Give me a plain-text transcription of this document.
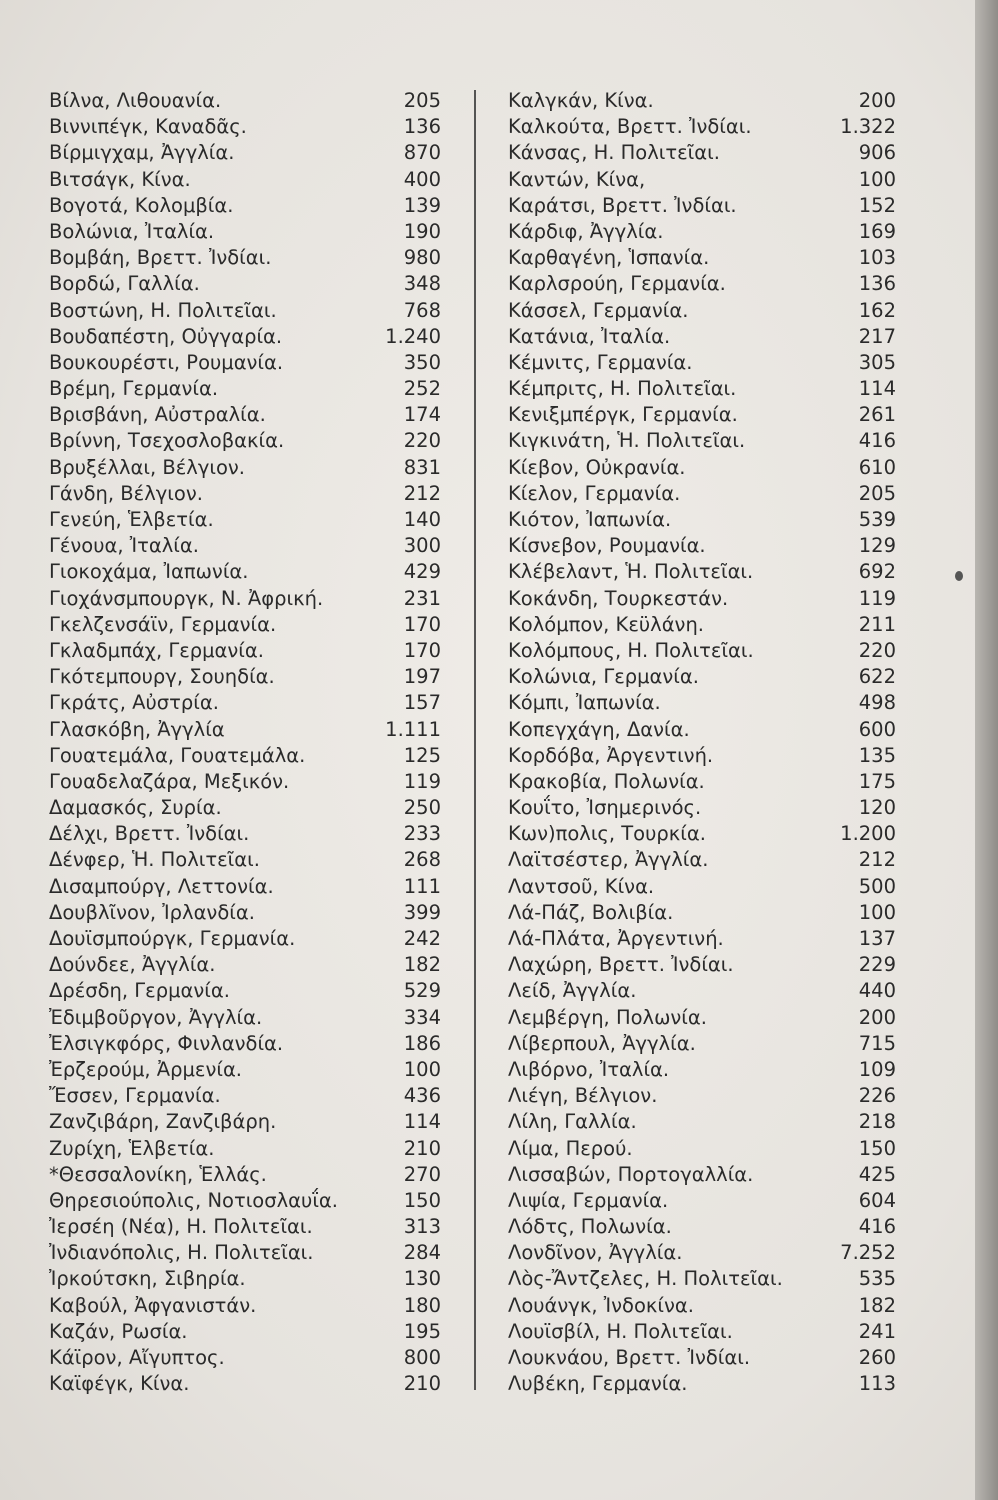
Βίλνα, Λιθουανία.	205
Βιννιπέγκ, Καναδᾶς.	136
Βίρμιγχαμ, Ἀγγλία.	870
Βιτσάγκ, Κίνα.	400
Βογοτά, Κολομβία.	139
Βολώνια, Ἰταλία.	190
Βομβάη, Βρεττ. Ἰνδίαι.	980
Βορδώ, Γαλλία.	348
Βοστώνη, Η. Πολιτεῖαι.	768
Βουδαπέστη, Οὐγγαρία.	1.240
Βουκουρέστι, Ρουμανία.	350
Βρέμη, Γερμανία.	252
Βρισβάνη, Αὐστραλία.	174
Βρίννη, Τσεχοσλοβακία.	220
Βρυξέλλαι, Βέλγιον.	831
Γάνδη, Βέλγιον.	212
Γενεύη, Ἑλβετία.	140
Γένουα, Ἰταλία.	300
Γιοκοχάμα, Ἰαπωνία.	429
Γιοχάνσμπουργκ, Ν. Ἀφρική.	231
Γκελζενσάϊν, Γερμανία.	170
Γκλαδμπάχ, Γερμανία.	170
Γκότεμπουργ, Σουηδία.	197
Γκράτς, Αὐστρία.	157
Γλασκόβη, Ἀγγλία	1.111
Γουατεμάλα, Γουατεμάλα.	125
Γουαδελαζάρα, Μεξικόν.	119
Δαμασκός, Συρία.	250
Δέλχι, Βρεττ. Ἰνδίαι.	233
Δένφερ, Ἡ. Πολιτεῖαι.	268
Δισαμπούργ, Λεττονία.	111
Δουβλῖνον, Ἰρλανδία.	399
Δουϊσμπούργκ, Γερμανία.	242
Δούνδεε, Ἀγγλία.	182
Δρέσδη, Γερμανία.	529
Ἐδιμβοῦργον, Ἀγγλία.	334
Ἐλσιγκφόρς, Φινλανδία.	186
Ἐρζερούμ, Ἀρμενία.	100
Ἔσσεν, Γερμανία.	436
Ζανζιβάρη, Ζανζιβάρη.	114
Ζυρίχη, Ἑλβετία.	210
*Θεσσαλονίκη, Ἑλλάς.	270
Θηρεσιούπολις, Νοτιοσλαυΐα.	150
Ἰερσέη (Νέα), Η. Πολιτεῖαι.	313
Ἰνδιανόπολις, Η. Πολιτεῖαι.	284
Ἰρκούτσκη, Σιβηρία.	130
Καβούλ, Ἀφγανιστάν.	180
Καζάν, Ρωσία.	195
Κάϊρον, Αἴγυπτος.	800
Καϊφέγκ, Κίνα.	210
Καλγκάν, Κίνα.	200
Καλκούτα, Βρεττ. Ἰνδίαι.	1.322
Κάνσας, Η. Πολιτεῖαι.	906
Καντών, Κίνα,	100
Καράτσι, Βρεττ. Ἰνδίαι.	152
Κάρδιφ, Ἀγγλία.	169
Καρθαγένη, Ἱσπανία.	103
Καρλσρούη, Γερμανία.	136
Κάσσελ, Γερμανία.	162
Κατάνια, Ἰταλία.	217
Κέμνιτς, Γερμανία.	305
Κέμπριτς, Η. Πολιτεῖαι.	114
Κενιξμπέργκ, Γερμανία.	261
Κιγκινάτη, Ἡ. Πολιτεῖαι.	416
Κίεβον, Οὐκρανία.	610
Κίελον, Γερμανία.	205
Κιότον, Ἰαπωνία.	539
Κίσνεβον, Ρουμανία.	129
Κλέβελαντ, Ἡ. Πολιτεῖαι.	692
Κοκάνδη, Τουρκεστάν.	119
Κολόμπον, Κεϋλάνη.	211
Κολόμπους, Η. Πολιτεῖαι.	220
Κολώνια, Γερμανία.	622
Κόμπι, Ἰαπωνία.	498
Κοπεγχάγη, Δανία.	600
Κορδόβα, Ἀργεντινή.	135
Κρακοβία, Πολωνία.	175
Κουΐτο, Ἰσημερινός.	120
Κων)πολις, Τουρκία.	1.200
Λαϊτσέστερ, Ἀγγλία.	212
Λαντσοῦ, Κίνα.	500
Λά-Πάζ, Βολιβία.	100
Λά-Πλάτα, Ἀργεντινή.	137
Λαχώρη, Βρεττ. Ἰνδίαι.	229
Λείδ, Ἀγγλία.	440
Λεμβέργη, Πολωνία.	200
Λίβερπουλ, Ἀγγλία.	715
Λιβόρνο, Ἰταλία.	109
Λιέγη, Βέλγιον.	226
Λίλη, Γαλλία.	218
Λίμα, Περού.	150
Λισσαβών, Πορτογαλλία.	425
Λιψία, Γερμανία.	604
Λόδτς, Πολωνία.	416
Λονδῖνον, Ἀγγλία.	7.252
Λὸς-Ἄντζελες, Η. Πολιτεῖαι.	535
Λουάνγκ, Ἰνδοκίνα.	182
Λουϊσβίλ, Η. Πολιτεῖαι.	241
Λουκνάου, Βρεττ. Ἰνδίαι.	260
Λυβέκη, Γερμανία.	113
